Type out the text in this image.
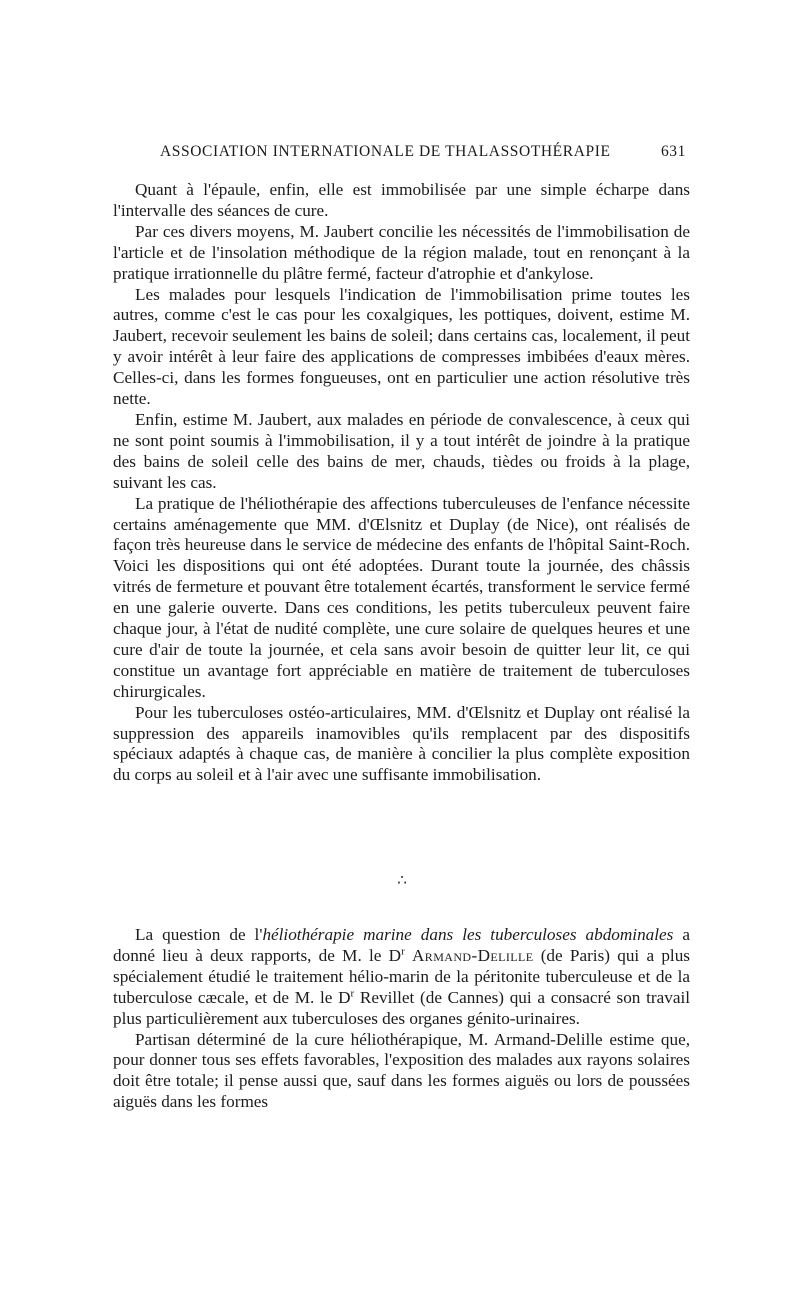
ASSOCIATION INTERNATIONALE DE THALASSOTHÉRAPIE	631

Quant à l'épaule, enfin, elle est immobilisée par une simple écharpe dans l'intervalle des séances de cure.

Par ces divers moyens, M. Jaubert concilie les nécessités de l'immobilisation de l'article et de l'insolation méthodique de la région malade, tout en renonçant à la pratique irrationnelle du plâtre fermé, facteur d'atrophie et d'ankylose.

Les malades pour lesquels l'indication de l'immobilisation prime toutes les autres, comme c'est le cas pour les coxalgiques, les pottiques, doivent, estime M. Jaubert, recevoir seulement les bains de soleil; dans certains cas, localement, il peut y avoir intérêt à leur faire des applications de compresses imbibées d'eaux mères. Celles-ci, dans les formes fongueuses, ont en particulier une action résolutive très nette.

Enfin, estime M. Jaubert, aux malades en période de convalescence, à ceux qui ne sont point soumis à l'immobilisation, il y a tout intérêt de joindre à la pratique des bains de soleil celle des bains de mer, chauds, tièdes ou froids à la plage, suivant les cas.

La pratique de l'héliothérapie des affections tuberculeuses de l'enfance nécessite certains aménagemente que MM. d'Œlsnitz et Duplay (de Nice), ont réalisés de façon très heureuse dans le service de médecine des enfants de l'hôpital Saint-Roch. Voici les dispositions qui ont été adoptées. Durant toute la journée, des châssis vitrés de fermeture et pouvant être totalement écartés, transforment le service fermé en une galerie ouverte. Dans ces conditions, les petits tuberculeux peuvent faire chaque jour, à l'état de nudité complète, une cure solaire de quelques heures et une cure d'air de toute la journée, et cela sans avoir besoin de quitter leur lit, ce qui constitue un avantage fort appréciable en matière de traitement de tuberculoses chirurgicales.

Pour les tuberculoses ostéo-articulaires, MM. d'Œlsnitz et Duplay ont réalisé la suppression des appareils inamovibles qu'ils remplacent par des dispositifs spéciaux adaptés à chaque cas, de manière à concilier la plus complète exposition du corps au soleil et à l'air avec une suffisante immobilisation.

∴

La question de l'héliothérapie marine dans les tuberculoses abdominales a donné lieu à deux rapports, de M. le $D^r$ Armand-Delille (de Paris) qui a plus spécialement étudié le traitement hélio-marin de la péritonite tuberculeuse et de la tuberculose cæcale, et de M. le $D^r$ Revillet (de Cannes) qui a consacré son travail plus particulièrement aux tuberculoses des organes génito-urinaires.

Partisan déterminé de la cure héliothérapique, M. Armand-Delille estime que, pour donner tous ses effets favorables, l'exposition des malades aux rayons solaires doit être totale; il pense aussi que, sauf dans les formes aiguës ou lors de poussées aiguës dans les formes
